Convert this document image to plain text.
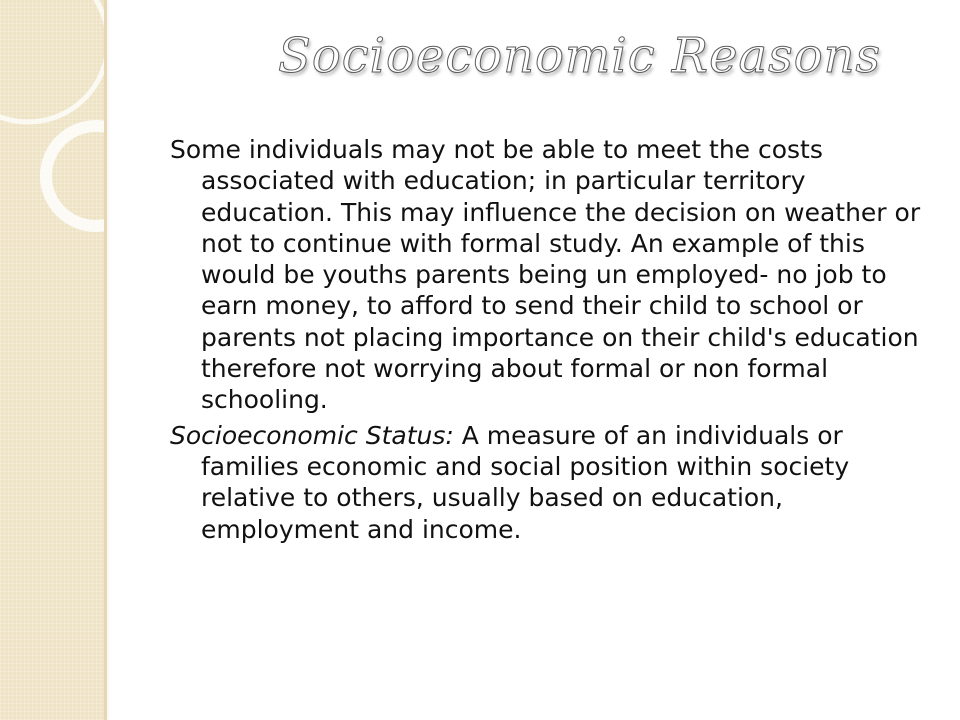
Socioeconomic Reasons
Some individuals may not be able to meet the costs associated with education; in particular territory education. This may influence the decision on weather or not to continue with formal study. An example of this would be youths parents being un employed- no job to earn money, to afford to send their child to school or parents not placing importance on their child's education therefore not worrying about formal or non formal schooling.
Socioeconomic Status: A measure of an individuals or families economic and social position within society relative to others, usually based on education, employment and income.
